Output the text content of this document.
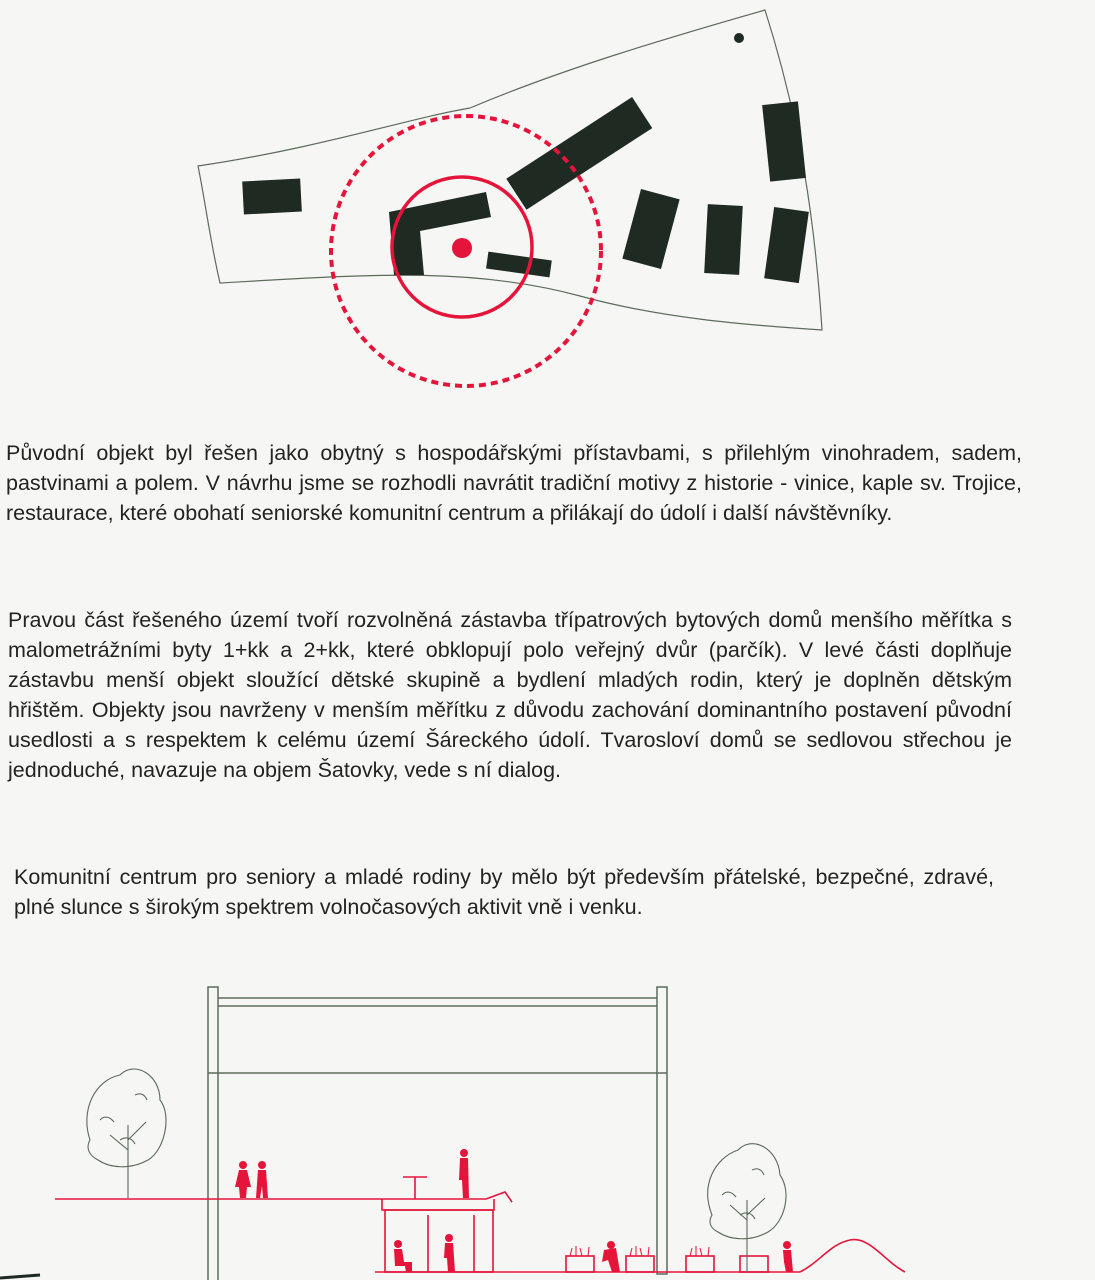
Původní objekt byl řešen jako obytný s hospodářskými přístavbami, s přilehlým vinohradem, sadem, pastvinami a polem. V návrhu jsme se rozhodli navrátit tradiční motivy z historie - vinice, kaple sv. Trojice, restaurace, které obohatí seniorské komunitní centrum a přilákají do údolí i další návštěvníky.

Pravou část řešeného území tvoří rozvolněná zástavba třípatrových bytových domů menšího měřítka s malometrážními byty 1+kk a 2+kk, které obklopují polo veřejný dvůr (parčík). V levé části doplňuje zástavbu menší objekt sloužící dětské skupině a bydlení mladých rodin, který je doplněn dětským hřištěm. Objekty jsou navrženy v menším měřítku z důvodu zachování dominantního postavení původní usedlosti a s respektem k celému území Šáreckého údolí. Tvarosloví domů se sedlovou střechou je jednoduché, navazuje na objem Šatovky, vede s ní dialog.

Komunitní centrum pro seniory a mladé rodiny by mělo být především přátelské, bezpečné, zdravé, plné slunce s širokým spektrem volnočasových aktivit vně i venku.
